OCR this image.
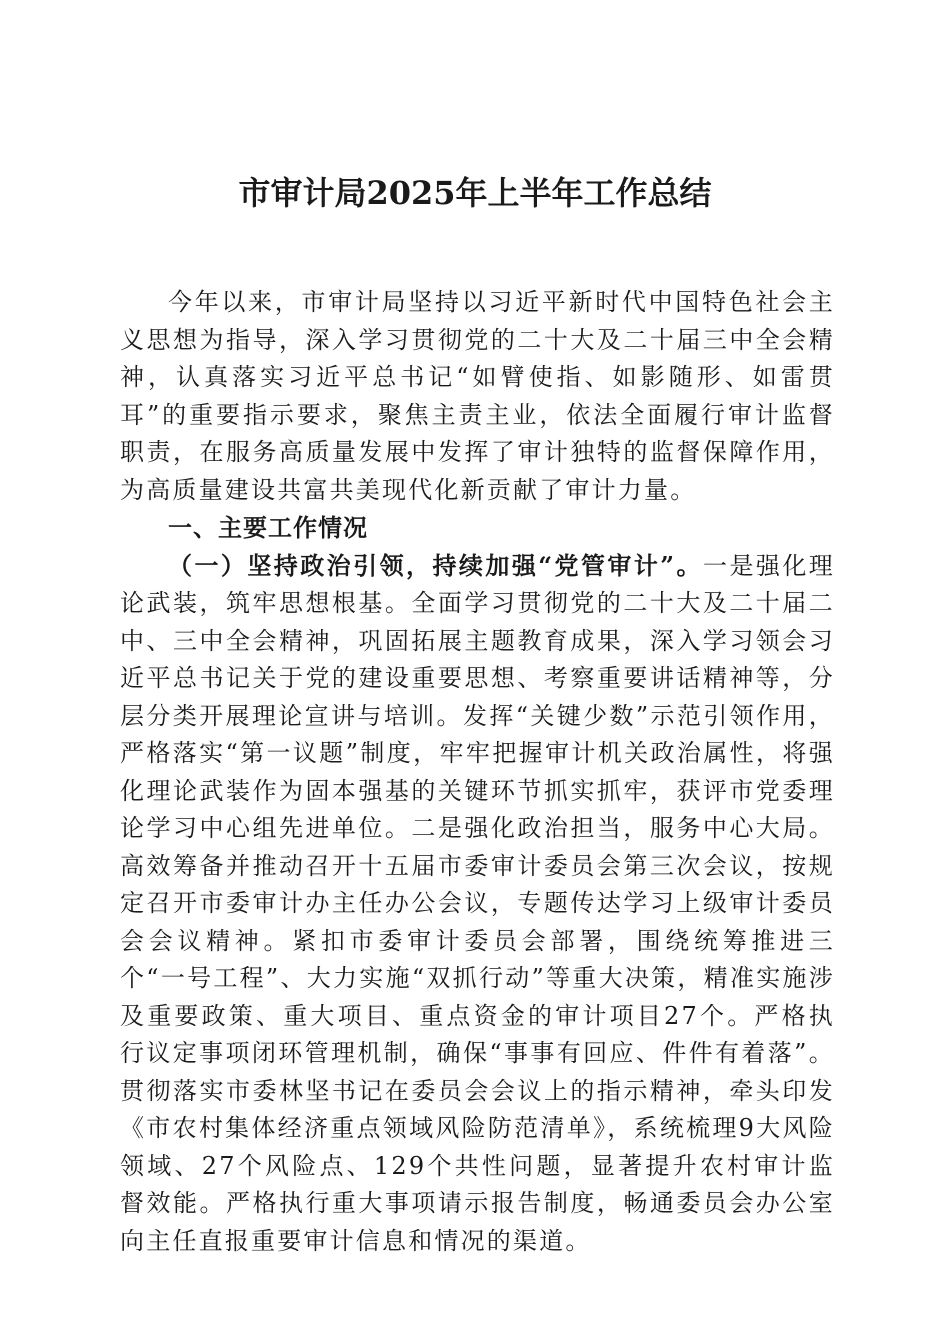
市审计局2025年上半年工作总结

今年以来，市审计局坚持以习近平新时代中国特色社会主义思想为指导，深入学习贯彻党的二十大及二十届三中全会精神，认真落实习近平总书记“如臂使指、如影随形、如雷贯耳”的重要指示要求，聚焦主责主业，依法全面履行审计监督职责，在服务高质量发展中发挥了审计独特的监督保障作用，为高质量建设共富共美现代化新贡献了审计力量。

一、主要工作情况

（一）坚持政治引领，持续加强“党管审计”。一是强化理论武装，筑牢思想根基。全面学习贯彻党的二十大及二十届二中、三中全会精神，巩固拓展主题教育成果，深入学习领会习近平总书记关于党的建设重要思想、考察重要讲话精神等，分层分类开展理论宣讲与培训。发挥“关键少数”示范引领作用，严格落实“第一议题”制度，牢牢把握审计机关政治属性，将强化理论武装作为固本强基的关键环节抓实抓牢，获评市党委理论学习中心组先进单位。二是强化政治担当，服务中心大局。高效筹备并推动召开十五届市委审计委员会第三次会议，按规定召开市委审计办主任办公会议，专题传达学习上级审计委员会会议精神。紧扣市委审计委员会部署，围绕统筹推进三个“一号工程”、大力实施“双抓行动”等重大决策，精准实施涉及重要政策、重大项目、重点资金的审计项目27个。严格执行议定事项闭环管理机制，确保“事事有回应、件件有着落”。贯彻落实市委林坚书记在委员会会议上的指示精神，牵头印发《市农村集体经济重点领域风险防范清单》，系统梳理9大风险领域、27个风险点、129个共性问题，显著提升农村审计监督效能。严格执行重大事项请示报告制度，畅通委员会办公室向主任直报重要审计信息和情况的渠道。
